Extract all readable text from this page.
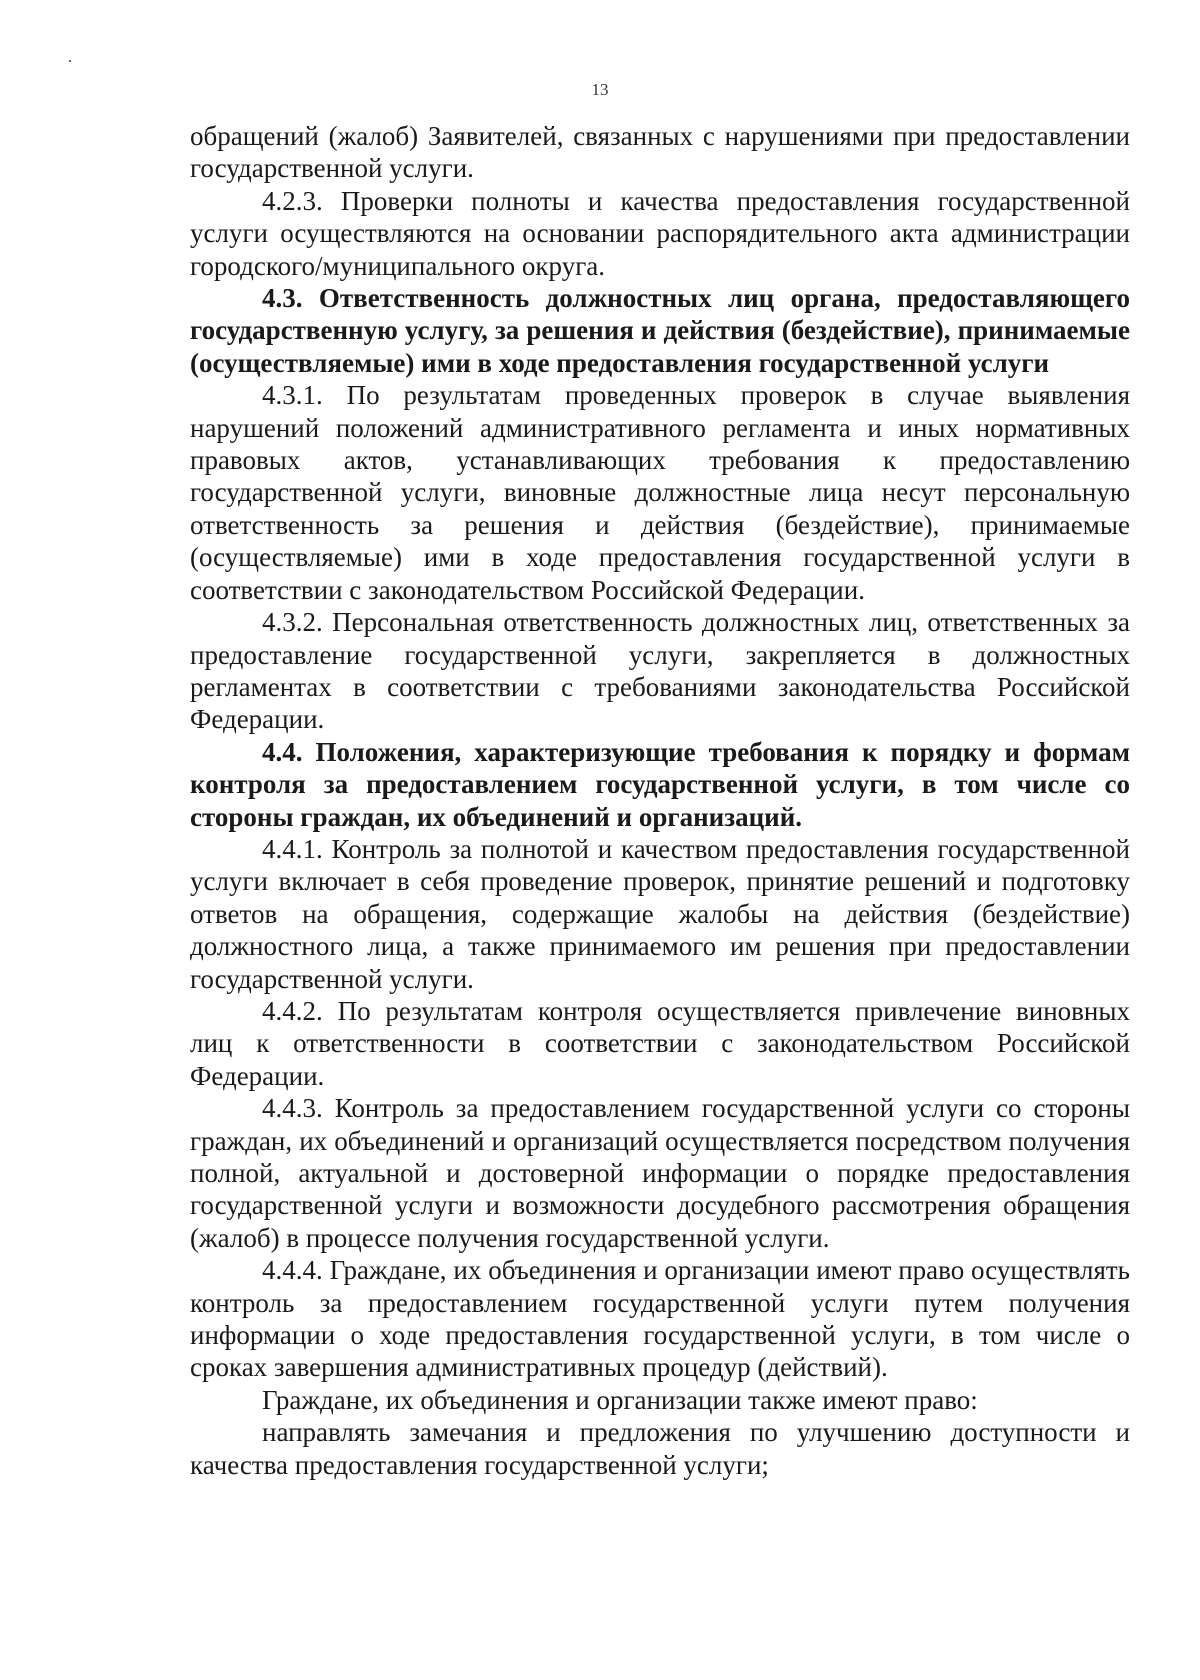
13

обращений (жалоб) Заявителей, связанных с нарушениями при предоставлении государственной услуги.

4.2.3. Проверки полноты и качества предоставления государственной услуги осуществляются на основании распорядительного акта администрации городского/муниципального округа.

4.3. Ответственность должностных лиц органа, предоставляющего государственную услугу, за решения и действия (бездействие), принимаемые (осуществляемые) ими в ходе предоставления государственной услуги

4.3.1. По результатам проведенных проверок в случае выявления нарушений положений административного регламента и иных нормативных правовых актов, устанавливающих требования к предоставлению государственной услуги, виновные должностные лица несут персональную ответственность за решения и действия (бездействие), принимаемые (осуществляемые) ими в ходе предоставления государственной услуги в соответствии с законодательством Российской Федерации.

4.3.2. Персональная ответственность должностных лиц, ответственных за предоставление государственной услуги, закрепляется в должностных регламентах в соответствии с требованиями законодательства Российской Федерации.

4.4. Положения, характеризующие требования к порядку и формам контроля за предоставлением государственной услуги, в том числе со стороны граждан, их объединений и организаций.

4.4.1. Контроль за полнотой и качеством предоставления государственной услуги включает в себя проведение проверок, принятие решений и подготовку ответов на обращения, содержащие жалобы на действия (бездействие) должностного лица, а также принимаемого им решения при предоставлении государственной услуги.

4.4.2. По результатам контроля осуществляется привлечение виновных лиц к ответственности в соответствии с законодательством Российской Федерации.

4.4.3. Контроль за предоставлением государственной услуги со стороны граждан, их объединений и организаций осуществляется посредством получения полной, актуальной и достоверной информации о порядке предоставления государственной услуги и возможности досудебного рассмотрения обращения (жалоб) в процессе получения государственной услуги.

4.4.4. Граждане, их объединения и организации имеют право осуществлять контроль за предоставлением государственной услуги путем получения информации о ходе предоставления государственной услуги, в том числе о сроках завершения административных процедур (действий).

Граждане, их объединения и организации также имеют право:

направлять замечания и предложения по улучшению доступности и качества предоставления государственной услуги;
